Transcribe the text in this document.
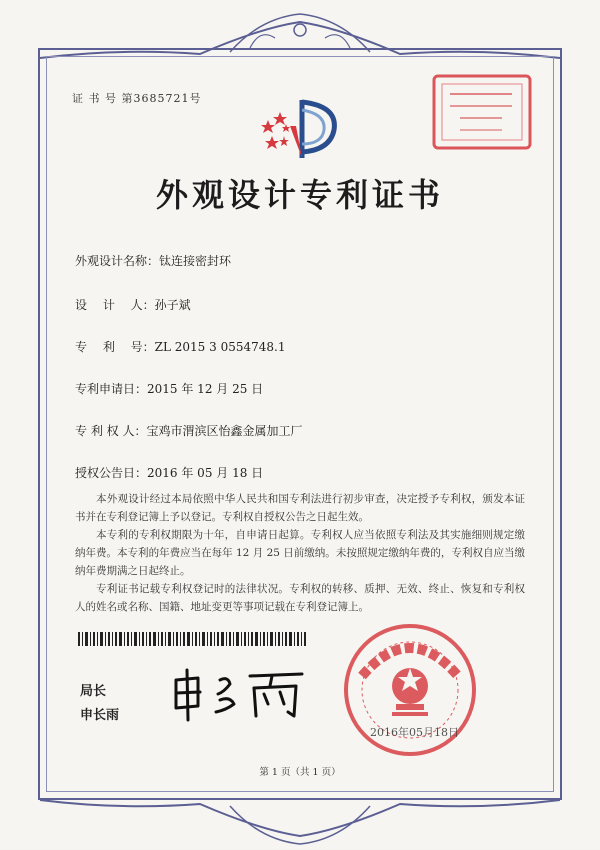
证 书 号 第3685721号
外观设计专利证书
外观设计名称：钛连接密封环
设　 计　 人：孙子斌
专　 利　 号：ZL 2015 3 0554748.1
专利申请日：2015 年 12 月 25 日
专 利 权 人：宝鸡市渭滨区怡鑫金属加工厂
授权公告日：2016 年 05 月 18 日

本外观设计经过本局依照中华人民共和国专利法进行初步审查，决定授予专利权，颁发本证书并在专利登记簿上予以登记。专利权自授权公告之日起生效。

本专利的专利权期限为十年，自申请日起算。专利权人应当依照专利法及其实施细则规定缴纳年费。本专利的年费应当在每年 12 月 25 日前缴纳。未按照规定缴纳年费的，专利权自应当缴纳年费期满之日起终止。

专利证书记载专利权登记时的法律状况。专利权的转移、质押、无效、终止、恢复和专利权人的姓名或名称、国籍、地址变更等事项记载在专利登记簿上。

局长
申长雨
2016年05月18日
第 1 页（共 1 页）
